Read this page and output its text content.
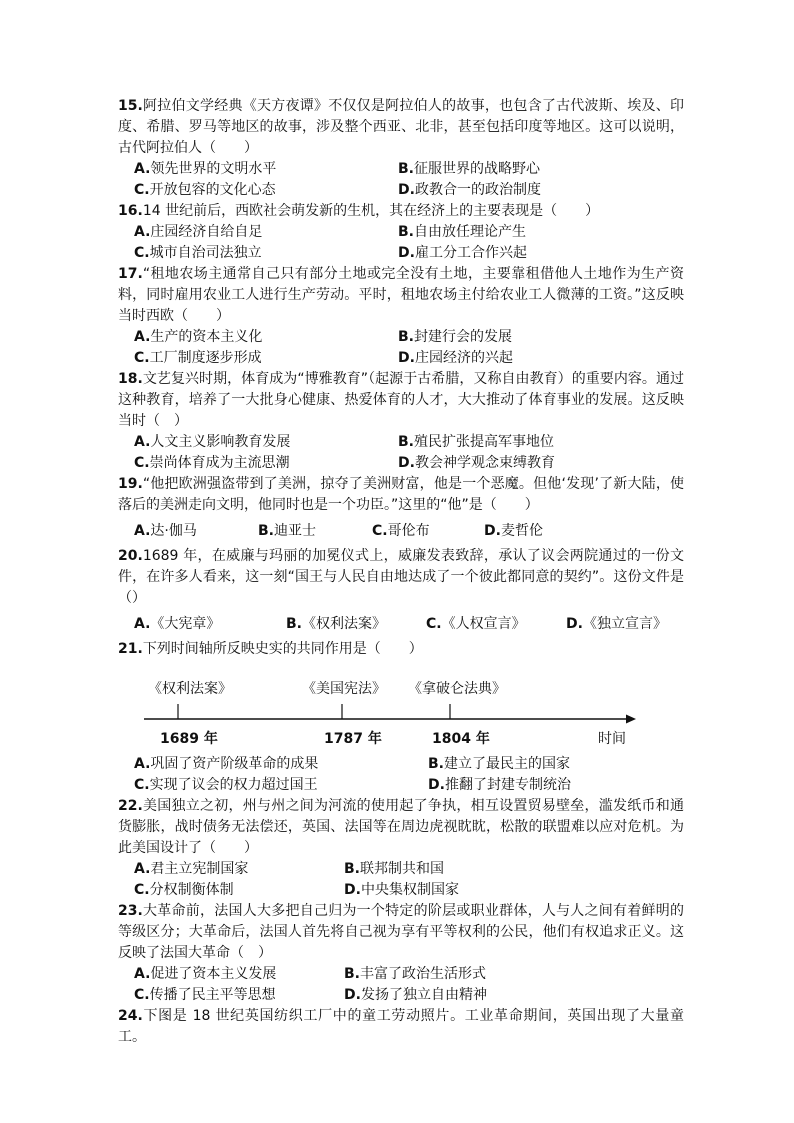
15.阿拉伯文学经典《天方夜谭》不仅仅是阿拉伯人的故事，也包含了古代波斯、埃及、印度、希腊、罗马等地区的故事，涉及整个西亚、北非，甚至包括印度等地区。这可以说明，古代阿拉伯人（　　）

A.领先世界的文明水平	B.征服世界的战略野心
C.开放包容的文化心态	D.政教合一的政治制度

16.14 世纪前后，西欧社会萌发新的生机，其在经济上的主要表现是（　　）

A.庄园经济自给自足	B.自由放任理论产生
C.城市自治司法独立	D.雇工分工合作兴起

17.“租地农场主通常自己只有部分土地或完全没有土地，主要靠租借他人土地作为生产资料，同时雇用农业工人进行生产劳动。平时，租地农场主付给农业工人微薄的工资。”这反映当时西欧（　　）

A.生产的资本主义化	B.封建行会的发展
C.工厂制度逐步形成	D.庄园经济的兴起

18.文艺复兴时期，体育成为“博雅教育”（起源于古希腊，又称自由教育）的重要内容。通过这种教育，培养了一大批身心健康、热爱体育的人才，大大推动了体育事业的发展。这反映当时（　）

A.人文主义影响教育发展	B.殖民扩张提高军事地位
C.崇尚体育成为主流思潮	D.教会神学观念束缚教育

19.“他把欧洲强盗带到了美洲，掠夺了美洲财富，他是一个恶魔。但他‘发现’了新大陆，使落后的美洲走向文明，他同时也是一个功臣。”这里的“他”是（　　）

A.达·伽马	B.迪亚士	C.哥伦布	D.麦哲伦

20.1689 年，在威廉与玛丽的加冕仪式上，威廉发表致辞，承认了议会两院通过的一份文件，在许多人看来，这一刻“国王与人民自由地达成了一个彼此都同意的契约”。这份文件是（）

A.《大宪章》	B.《权利法案》	C.《人权宣言》	D.《独立宣言》

21.下列时间轴所反映史实的共同作用是（　　）

《权利法案》	《美国宪法》 《拿破仑法典》
1689 年	1787 年	1804 年	时间
A.巩固了资产阶级革命的成果	B.建立了最民主的国家
C.实现了议会的权力超过国王	D.推翻了封建专制统治

22.美国独立之初，州与州之间为河流的使用起了争执，相互设置贸易壁垒，滥发纸币和通货膨胀，战时债务无法偿还，英国、法国等在周边虎视眈眈，松散的联盟难以应对危机。为此美国设计了（　　）

A.君主立宪制国家	B.联邦制共和国
C.分权制衡体制	D.中央集权制国家

23.大革命前，法国人大多把自己归为一个特定的阶层或职业群体，人与人之间有着鲜明的等级区分；大革命后，法国人首先将自己视为享有平等权利的公民，他们有权追求正义。这反映了法国大革命（　）

A.促进了资本主义发展	B.丰富了政治生活形式
C.传播了民主平等思想	D.发扬了独立自由精神

24.下图是 18 世纪英国纺织工厂中的童工劳动照片。工业革命期间，英国出现了大量童工。
